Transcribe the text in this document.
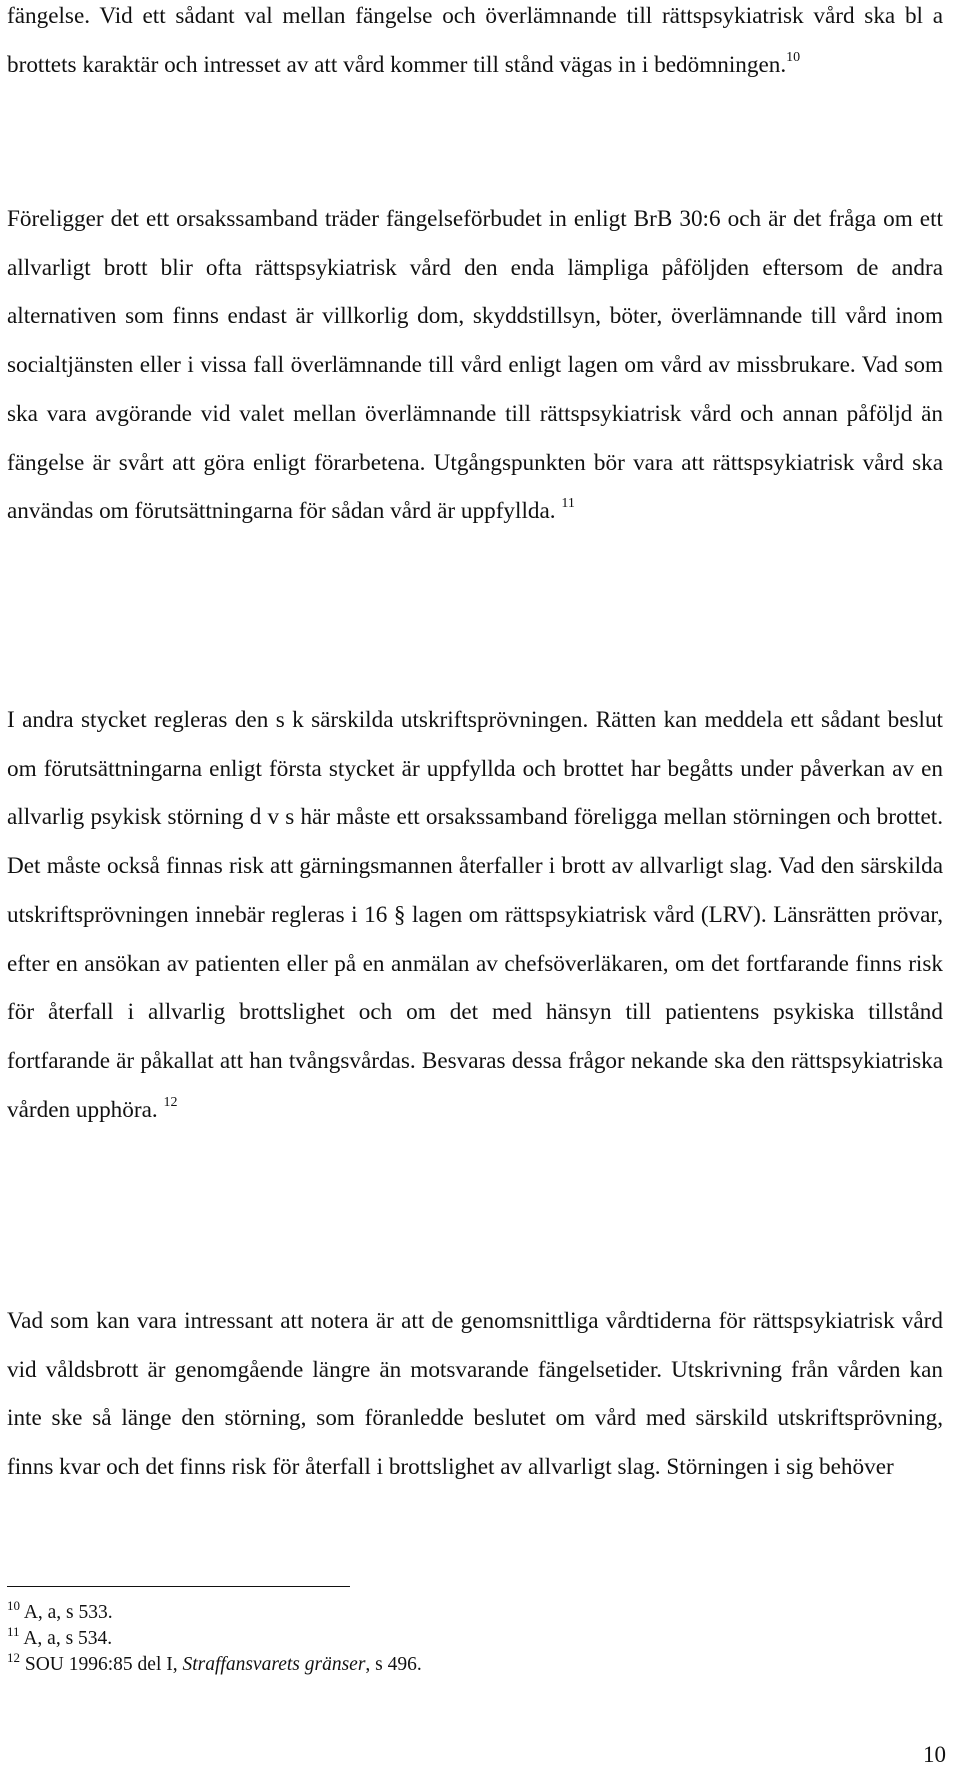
fängelse. Vid ett sådant val mellan fängelse och överlämnande till rättspsykiatrisk vård ska bl a brottets karaktär och intresset av att vård kommer till stånd vägas in i bedömningen.$^{10}$

Föreligger det ett orsakssamband träder fängelseförbudet in enligt BrB 30:6 och är det fråga om ett allvarligt brott blir ofta rättspsykiatrisk vård den enda lämpliga påföljden eftersom de andra alternativen som finns endast är villkorlig dom, skyddstillsyn, böter, överlämnande till vård inom socialtjänsten eller i vissa fall överlämnande till vård enligt lagen om vård av missbrukare. Vad som ska vara avgörande vid valet mellan överlämnande till rättspsykiatrisk vård och annan påföljd än fängelse är svårt att göra enligt förarbetena. Utgångspunkten bör vara att rättspsykiatrisk vård ska användas om förutsättningarna för sådan vård är uppfyllda. $^{11}$

I andra stycket regleras den s k särskilda utskriftsprövningen. Rätten kan meddela ett sådant beslut om förutsättningarna enligt första stycket är uppfyllda och brottet har begåtts under påverkan av en allvarlig psykisk störning d v s här måste ett orsakssamband föreligga mellan störningen och brottet. Det måste också finnas risk att gärningsmannen återfaller i brott av allvarligt slag. Vad den särskilda utskriftsprövningen innebär regleras i 16 § lagen om rättspsykiatrisk vård (LRV). Länsrätten prövar, efter en ansökan av patienten eller på en anmälan av chefsöverläkaren, om det fortfarande finns risk för återfall i allvarlig brottslighet och om det med hänsyn till patientens psykiska tillstånd fortfarande är påkallat att han tvångsvårdas. Besvaras dessa frågor nekande ska den rättspsykiatriska vården upphöra. $^{12}$

Vad som kan vara intressant att notera är att de genomsnittliga vårdtiderna för rättspsykiatrisk vård vid våldsbrott är genomgående längre än motsvarande fängelsetider. Utskrivning från vården kan inte ske så länge den störning, som föranledde beslutet om vård med särskild utskriftsprövning, finns kvar och det finns risk för återfall i brottslighet av allvarligt slag. Störningen i sig behöver

$^{10}$ A, a, s 533.

$^{11}$ A, a, s 534.

$^{12}$ SOU 1996:85 del I, Straffansvarets gränser, s 496.

10
